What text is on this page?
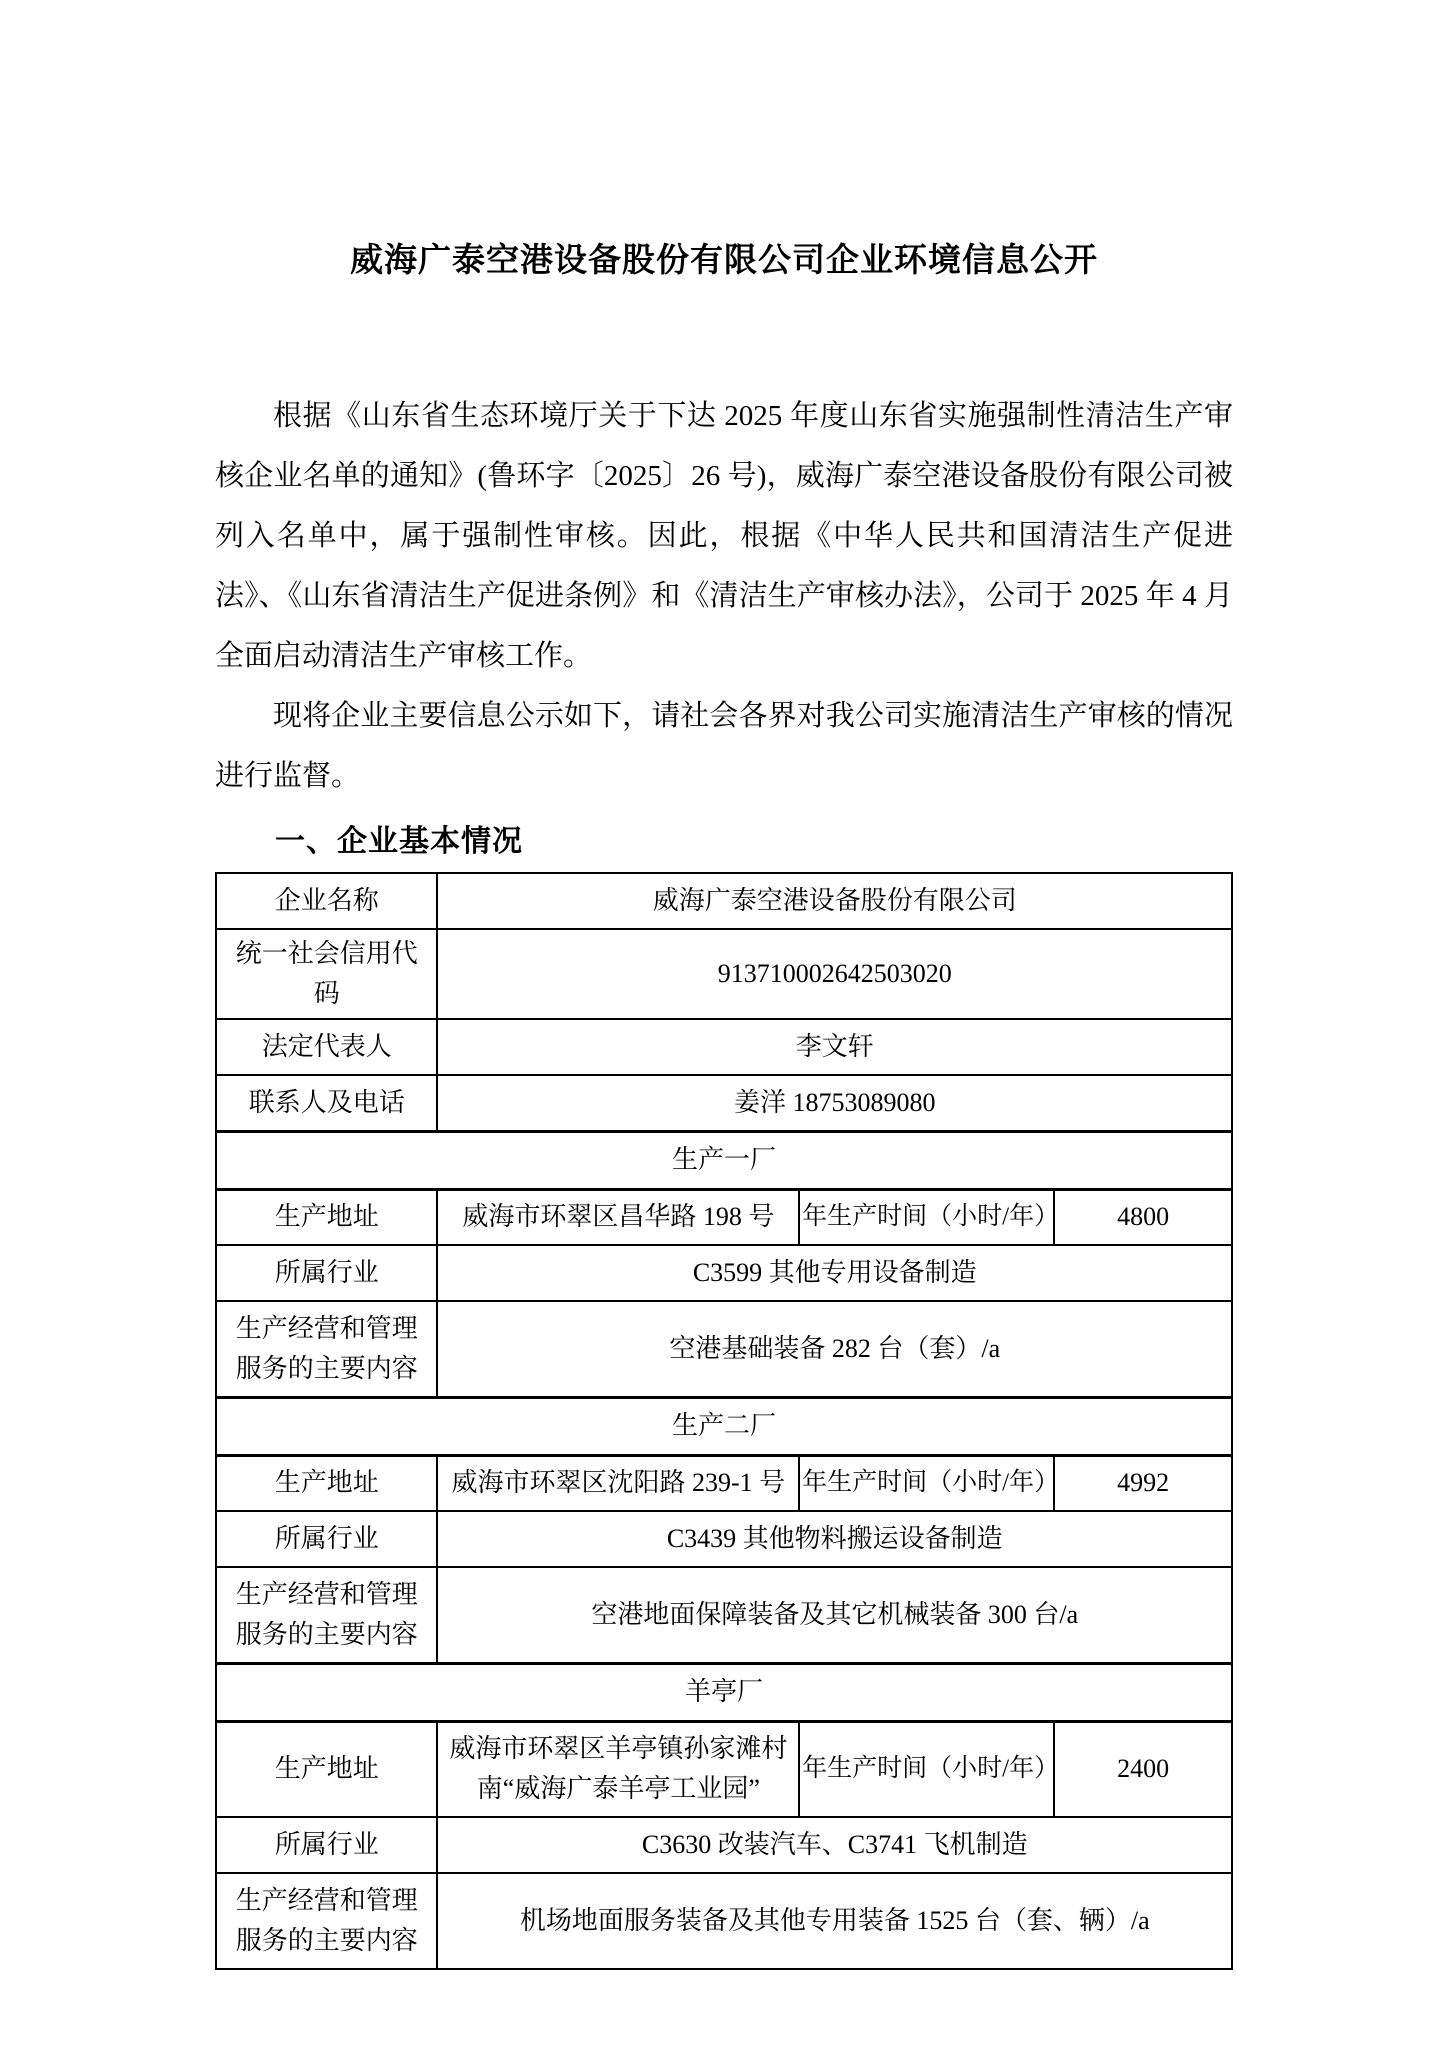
威海广泰空港设备股份有限公司企业环境信息公开

根据《山东省生态环境厅关于下达 2025 年度山东省实施强制性清洁生产审核企业名单的通知》(鲁环字〔2025〕26 号)，威海广泰空港设备股份有限公司被列入名单中，属于强制性审核。因此，根据《中华人民共和国清洁生产促进法》、《山东省清洁生产促进条例》和《清洁生产审核办法》，公司于 2025 年 4 月全面启动清洁生产审核工作。

现将企业主要信息公示如下，请社会各界对我公司实施清洁生产审核的情况进行监督。

一、企业基本情况
企业名称	威海广泰空港设备股份有限公司		
统一社会信用代码	913710002642503020		
法定代表人	李文轩		
联系人及电话	姜洋 18753089080		
生产一厂			
生产地址	威海市环翠区昌华路 198 号	年生产时间（小时/年）	4800
所属行业	C3599 其他专用设备制造		
生产经营和管理服务的主要内容	空港基础装备 282 台（套）/a		
生产二厂			
生产地址	威海市环翠区沈阳路 239-1 号	年生产时间（小时/年）	4992
所属行业	C3439 其他物料搬运设备制造		
生产经营和管理服务的主要内容	空港地面保障装备及其它机械装备 300 台/a		
羊亭厂			
生产地址	威海市环翠区羊亭镇孙家滩村南“威海广泰羊亭工业园”	年生产时间（小时/年）	2400
所属行业	C3630 改装汽车、C3741 飞机制造		
生产经营和管理服务的主要内容	机场地面服务装备及其他专用装备 1525 台（套、辆）/a		
